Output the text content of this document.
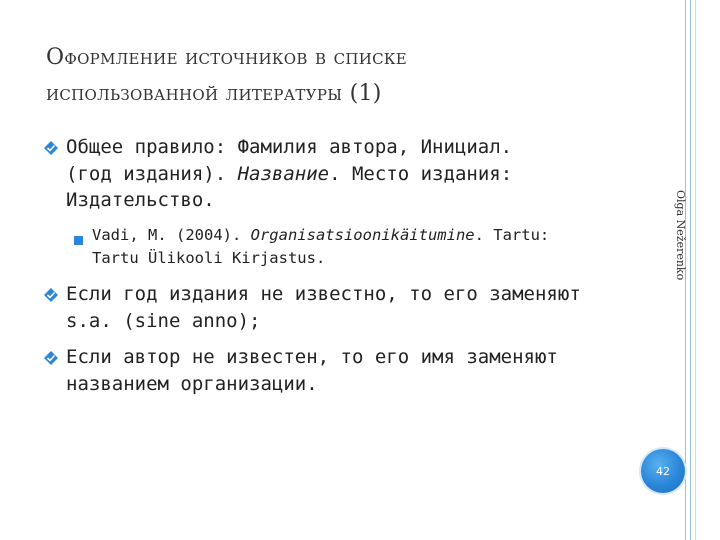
Оформление источников в списке
использованной литературы (1)
Olga Nežerenko
Общее правило: Фамилия автора, Инициал.
(год издания). Название. Место издания:
Издательство.
Vadi, M. (2004). Organisatsioonikäitumine. Tartu:
Tartu Ülikooli Kirjastus.
Если год издания не известно, то его заменяют
s.a. (sine anno);
Если автор не известен, то его имя заменяют
названием организации.
42
